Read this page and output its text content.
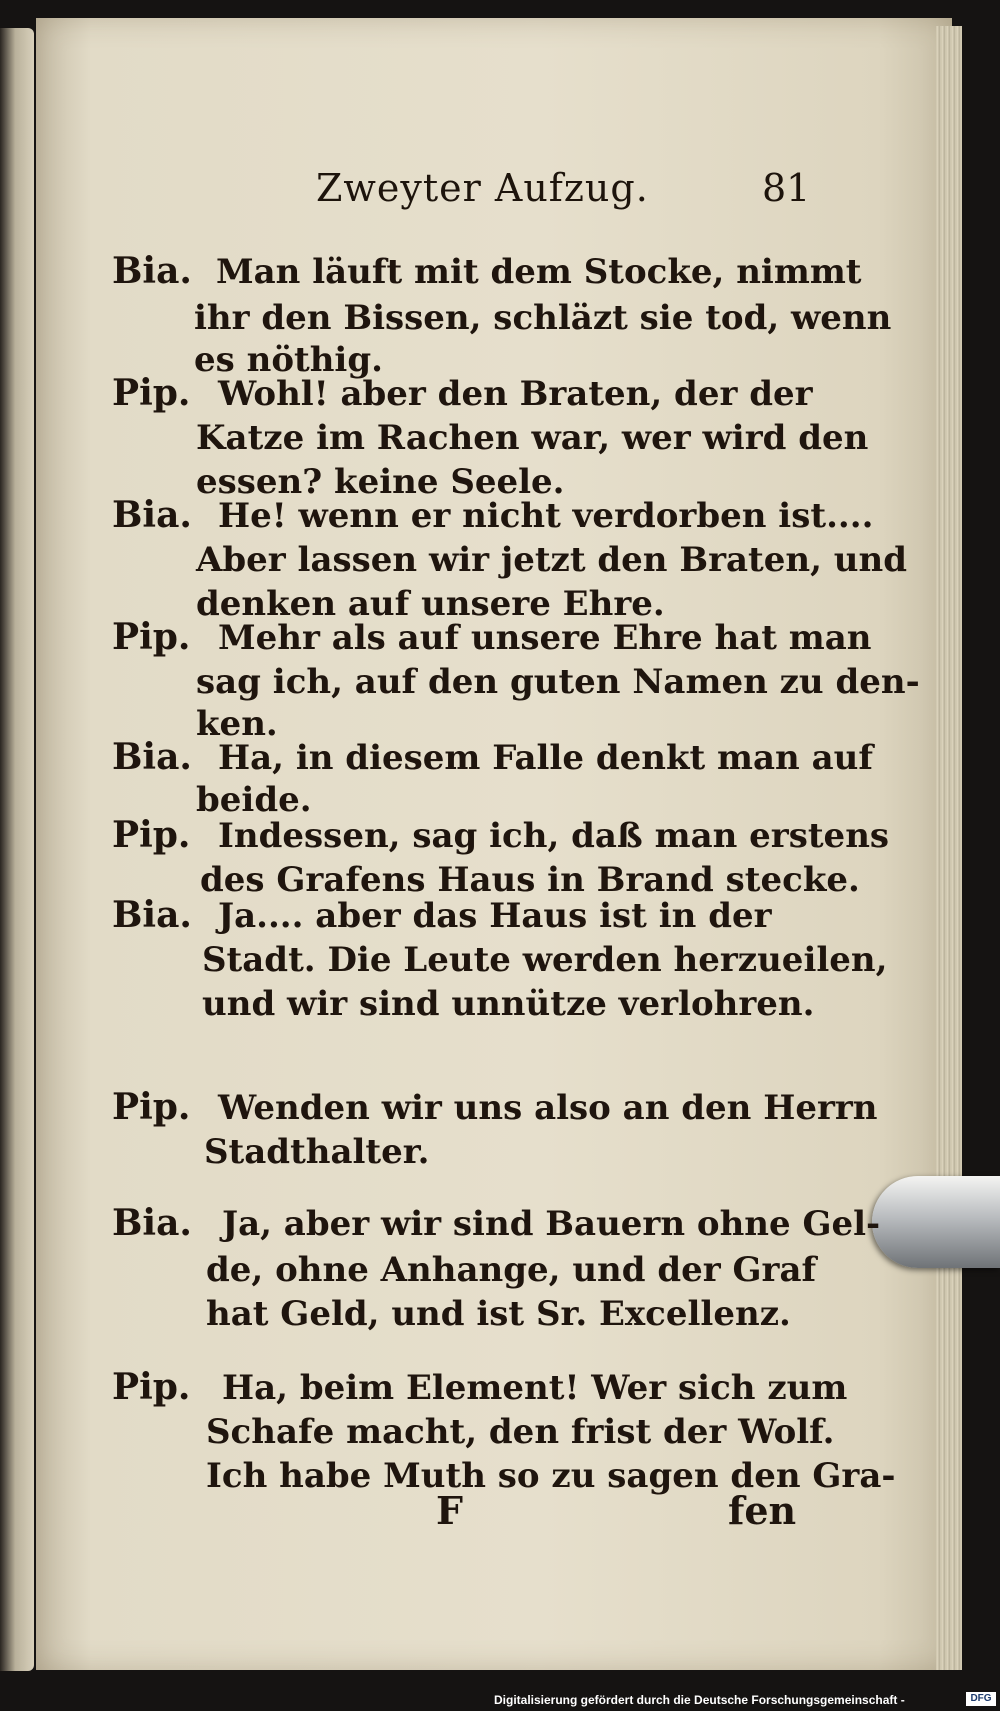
Zweyter Aufzug.	81
Bia. Man läuft mit dem Stocke, nimmt
ihr den Bissen, schläzt sie tod, wenn
es nöthig.
Pip. Wohl! aber den Braten, der der
Katze im Rachen war, wer wird den
essen? keine Seele.
Bia. He! wenn er nicht verdorben ist....
Aber lassen wir jetzt den Braten, und
denken auf unsere Ehre.
Pip. Mehr als auf unsere Ehre hat man
sag ich, auf den guten Namen zu den-
ken.
Bia. Ha, in diesem Falle denkt man auf
beide.
Pip. Indessen, sag ich, daß man erstens
des Grafens Haus in Brand stecke.
Bia. Ja.... aber das Haus ist in der
Stadt. Die Leute werden herzueilen,
und wir sind unnütze verlohren.
Pip. Wenden wir uns also an den Herrn
Stadthalter.
Bia. Ja, aber wir sind Bauern ohne Gel-
de, ohne Anhange, und der Graf
hat Geld, und ist Sr. Excellenz.
Pip. Ha, beim Element! Wer sich zum
Schafe macht, den frist der Wolf.
Ich habe Muth so zu sagen den Gra-
F	fen
Digitalisierung gefördert durch die Deutsche Forschungsgemeinschaft -	DFG
